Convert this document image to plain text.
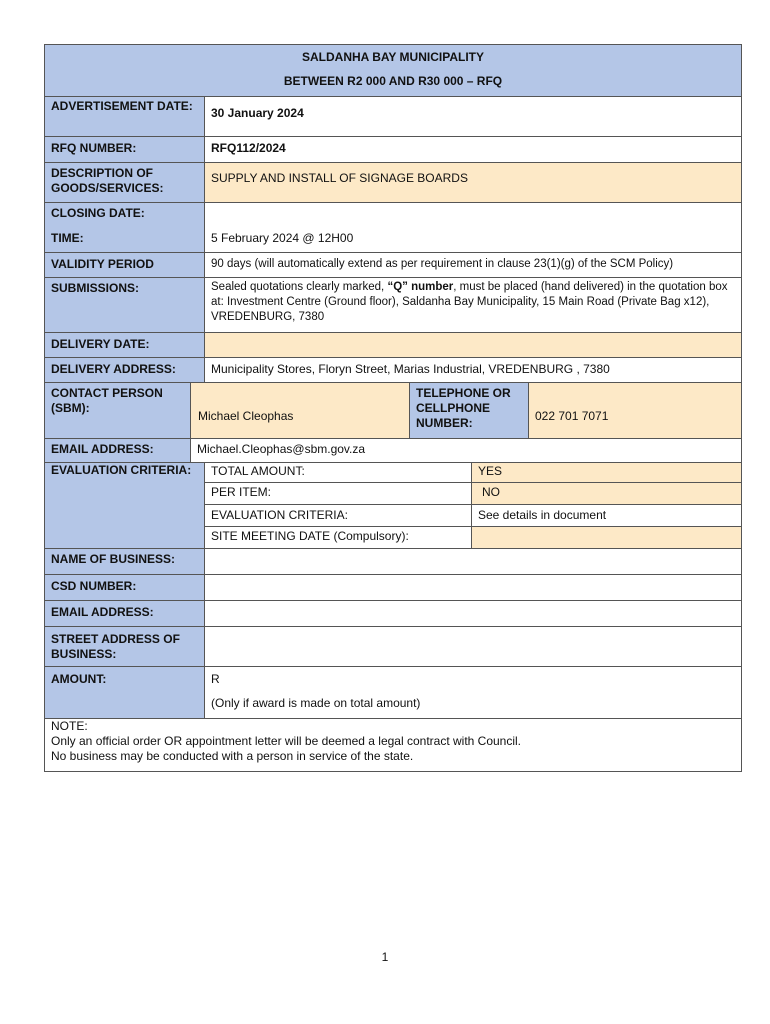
SALDANHA BAY MUNICIPALITY
BETWEEN R2 000 AND R30 000 – RFQ
ADVERTISEMENT DATE:	30 January 2024
RFQ NUMBER:	RFQ112/2024
DESCRIPTION OF GOODS/SERVICES:
SUPPLY AND INSTALL OF SIGNAGE BOARDS
CLOSING DATE:
TIME:	5 February 2024 @ 12H00
VALIDITY PERIOD	90 days (will automatically extend as per requirement in clause 23(1)(g) of the SCM Policy)
SUBMISSIONS:	Sealed quotations clearly marked, “Q” number, must be placed (hand delivered) in the quotation box at: Investment Centre (Ground floor), Saldanha Bay Municipality, 15 Main Road (Private Bag x12), VREDENBURG, 7380
DELIVERY DATE:
DELIVERY ADDRESS:	Municipality Stores, Floryn Street, Marias Industrial, VREDENBURG , 7380
CONTACT PERSON (SBM):
Michael Cleophas
TELEPHONE OR CELLPHONE NUMBER:	022 701 7071
EMAIL ADDRESS:	Michael.Cleophas@sbm.gov.za
EVALUATION CRITERIA:	TOTAL AMOUNT:	YES
PER ITEM:	NO
EVALUATION CRITERIA:	See details in document
SITE MEETING DATE (Compulsory):
NAME OF BUSINESS:
CSD NUMBER:
EMAIL ADDRESS:
STREET ADDRESS OF BUSINESS:
AMOUNT:	R
(Only if award is made on total amount)
NOTE:
Only an official order OR appointment letter will be deemed a legal contract with Council.
No business may be conducted with a person in service of the state.
1
